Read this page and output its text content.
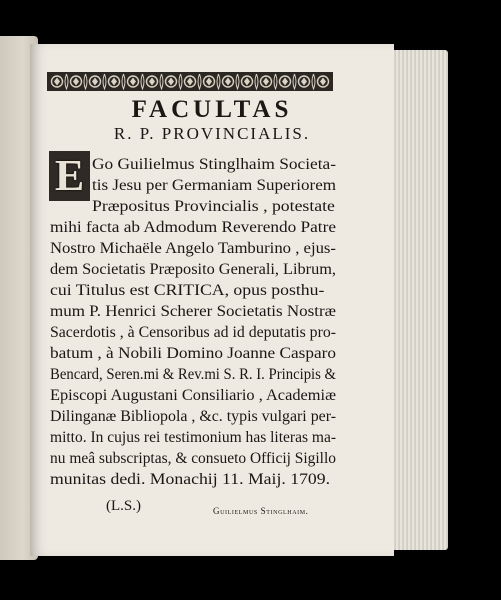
FACULTAS
R. P. PROVINCIALIS.
E Go Guilielmus Stinglhaim Societa-
tis Jesu per Germaniam Superiorem
Præpositus Provincialis , potestate
mihi facta ab Admodum Reverendo Patre
Nostro Michaële Angelo Tamburino , ejus-
dem Societatis Præposito Generali, Librum,
cui Titulus est CRITICA, opus posthu-
mum P. Henrici Scherer Societatis Nostræ
Sacerdotis , à Censoribus ad id deputatis pro-
batum , à Nobili Domino Joanne Casparo
Bencard, Seren.mi & Rev.mi S. R. I. Principis &
Episcopi Augustani Consiliario , Academiæ
Dilinganæ Bibliopola , &c. typis vulgari per-
mitto. In cujus rei testimonium has literas ma-
nu meâ subscriptas, & consueto Officij Sigillo
munitas dedi. Monachij 11. Maij. 1709.
(L.S.)	Guilielmus Stinglhaim.
